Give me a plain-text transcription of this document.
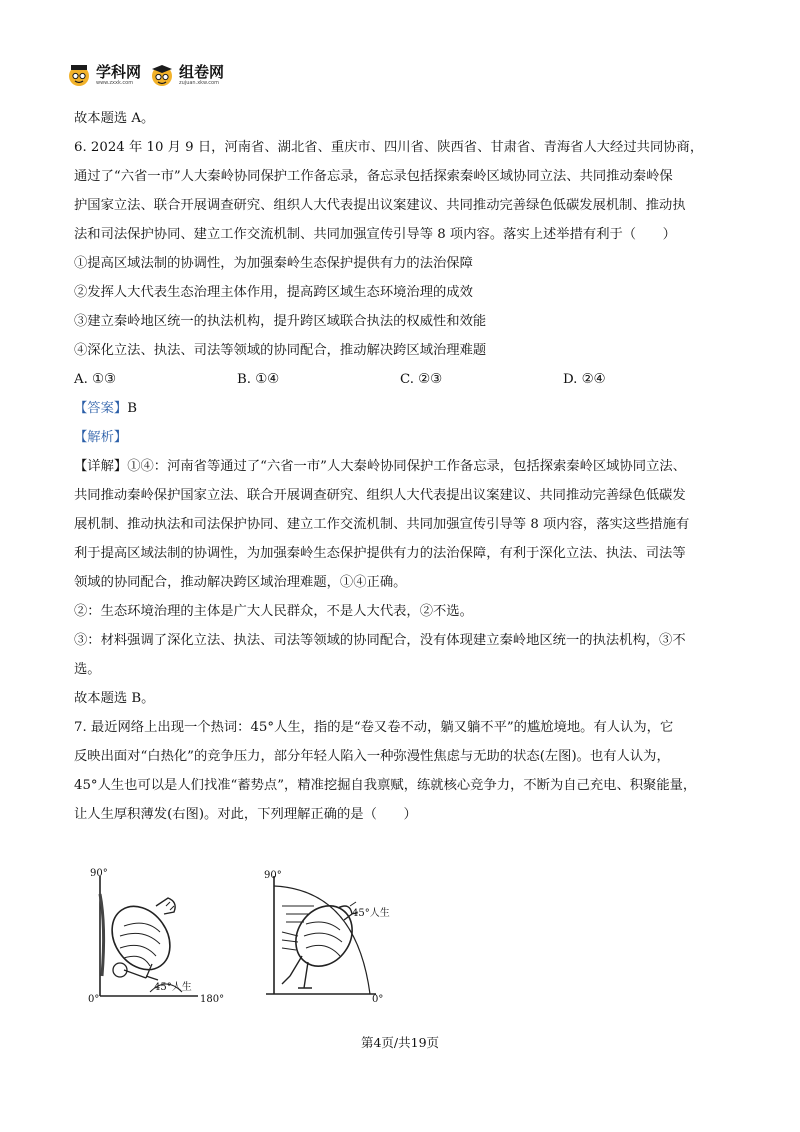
学科网
www.zxxk.com
组卷网
zujuan.xkw.com
故本题选 A。
6. 2024 年 10 月 9 日，河南省、湖北省、重庆市、四川省、陕西省、甘肃省、青海省人大经过共同协商，
通过了“六省一市”人大秦岭协同保护工作备忘录，备忘录包括探索秦岭区域协同立法、共同推动秦岭保
护国家立法、联合开展调查研究、组织人大代表提出议案建议、共同推动完善绿色低碳发展机制、推动执
法和司法保护协同、建立工作交流机制、共同加强宣传引导等 8 项内容。落实上述举措有利于（　　）
①提高区域法制的协调性，为加强秦岭生态保护提供有力的法治保障
②发挥人大代表生态治理主体作用，提高跨区域生态环境治理的成效
③建立秦岭地区统一的执法机构，提升跨区域联合执法的权威性和效能
④深化立法、执法、司法等领域的协同配合，推动解决跨区域治理难题
A. ①③	B. ①④	C. ②③	D. ②④
【答案】B
【解析】
【详解】①④：河南省等通过了“六省一市”人大秦岭协同保护工作备忘录，包括探索秦岭区域协同立法、
共同推动秦岭保护国家立法、联合开展调查研究、组织人大代表提出议案建议、共同推动完善绿色低碳发
展机制、推动执法和司法保护协同、建立工作交流机制、共同加强宣传引导等 8 项内容，落实这些措施有
利于提高区域法制的协调性，为加强秦岭生态保护提供有力的法治保障，有利于深化立法、执法、司法等
领域的协同配合，推动解决跨区域治理难题，①④正确。
②：生态环境治理的主体是广大人民群众，不是人大代表，②不选。
③：材料强调了深化立法、执法、司法等领域的协同配合，没有体现建立秦岭地区统一的执法机构，③不
选。
故本题选 B。
7. 最近网络上出现一个热词：45°人生，指的是“卷又卷不动，躺又躺不平”的尴尬境地。有人认为，它
反映出面对“白热化”的竞争压力，部分年轻人陷入一种弥漫性焦虑与无助的状态(左图)。也有人认为，
45°人生也可以是人们找准“蓄势点”，精准挖掘自我禀赋，练就核心竞争力，不断为自己充电、积聚能量，
让人生厚积薄发(右图)。对此，下列理解正确的是（　　）
90°
0°	180°
45°人生
90°
0°
45°人生
第4页/共19页
